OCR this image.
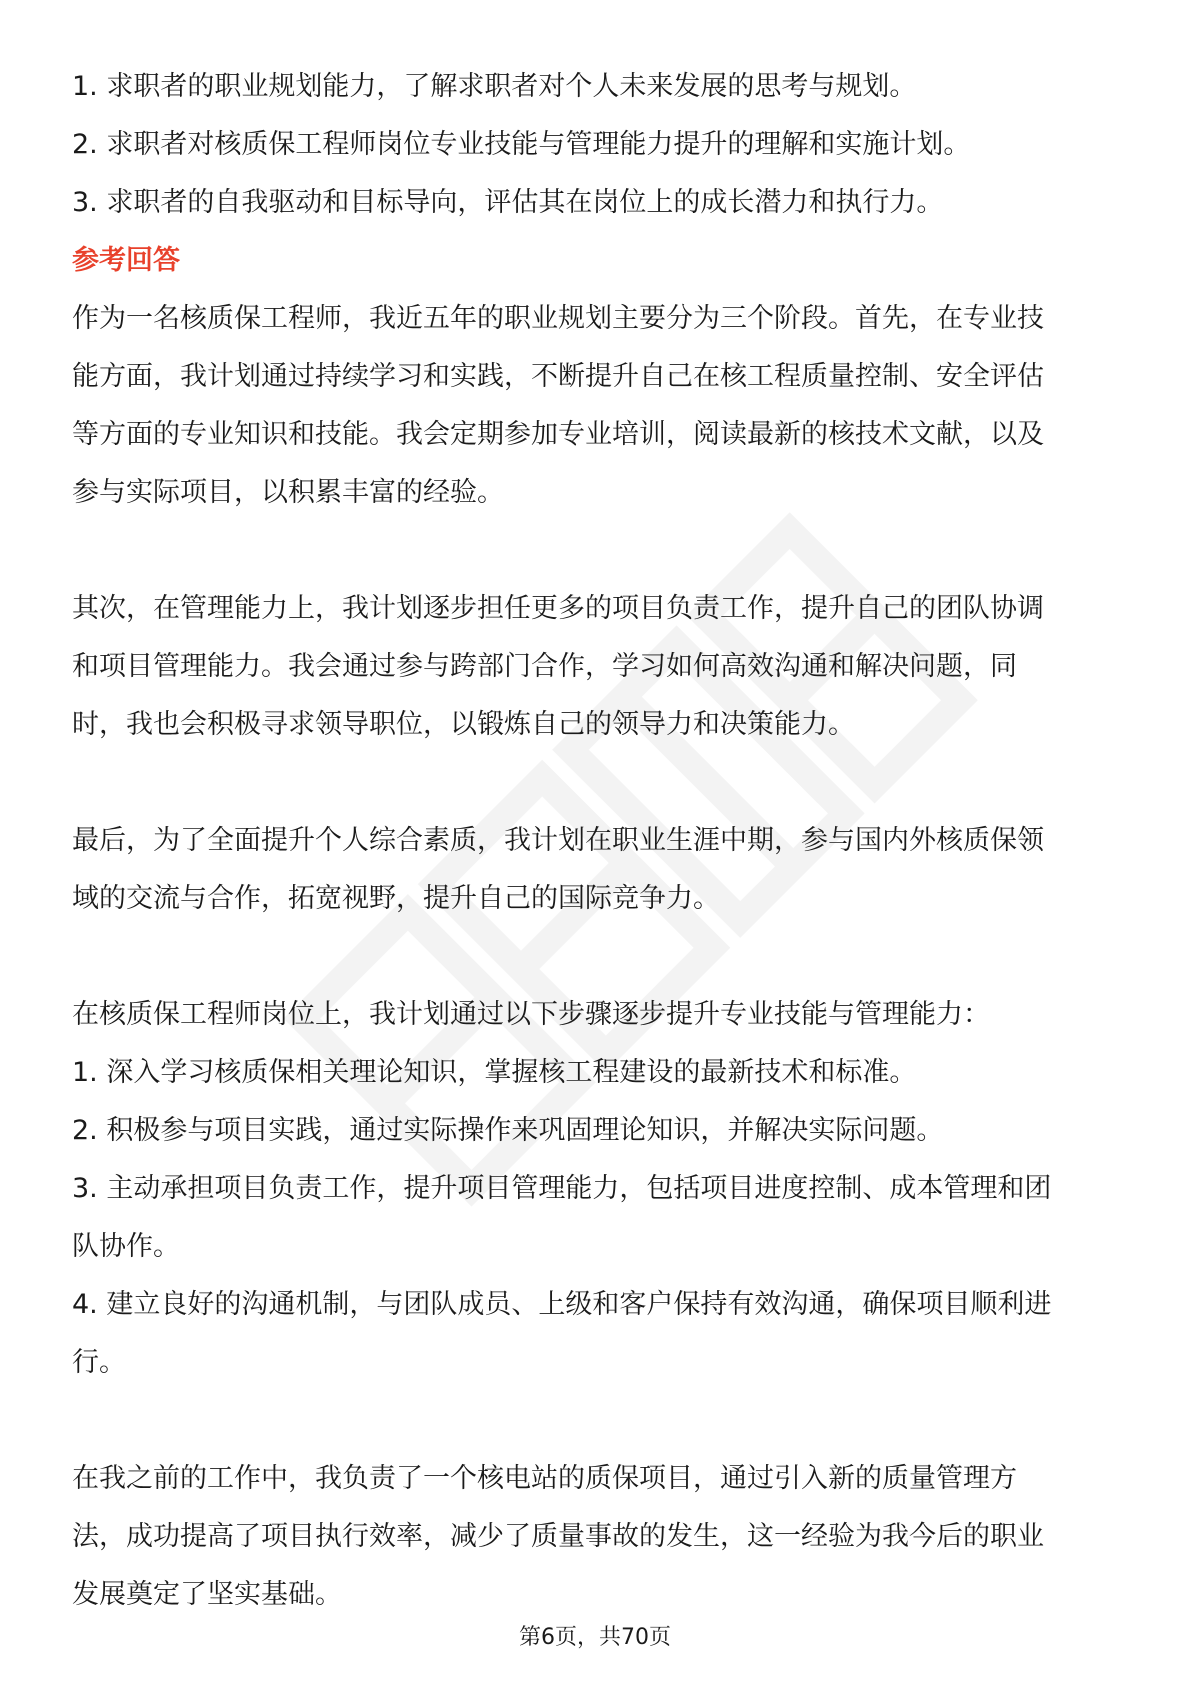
1. 求职者的职业规划能力，了解求职者对个人未来发展的思考与规划。
2. 求职者对核质保工程师岗位专业技能与管理能力提升的理解和实施计划。
3. 求职者的自我驱动和目标导向，评估其在岗位上的成长潜力和执行力。
参考回答
作为一名核质保工程师，我近五年的职业规划主要分为三个阶段。首先，在专业技
能方面，我计划通过持续学习和实践，不断提升自己在核工程质量控制、安全评估
等方面的专业知识和技能。我会定期参加专业培训，阅读最新的核技术文献，以及
参与实际项目，以积累丰富的经验。
其次，在管理能力上，我计划逐步担任更多的项目负责工作，提升自己的团队协调
和项目管理能力。我会通过参与跨部门合作，学习如何高效沟通和解决问题，同
时，我也会积极寻求领导职位，以锻炼自己的领导力和决策能力。
最后，为了全面提升个人综合素质，我计划在职业生涯中期，参与国内外核质保领
域的交流与合作，拓宽视野，提升自己的国际竞争力。
在核质保工程师岗位上，我计划通过以下步骤逐步提升专业技能与管理能力：
1. 深入学习核质保相关理论知识，掌握核工程建设的最新技术和标准。
2. 积极参与项目实践，通过实际操作来巩固理论知识，并解决实际问题。
3. 主动承担项目负责工作，提升项目管理能力，包括项目进度控制、成本管理和团
队协作。
4. 建立良好的沟通机制，与团队成员、上级和客户保持有效沟通，确保项目顺利进
行。
在我之前的工作中，我负责了一个核电站的质保项目，通过引入新的质量管理方
法，成功提高了项目执行效率，减少了质量事故的发生，这一经验为我今后的职业
发展奠定了坚实基础。
第6页，共70页
